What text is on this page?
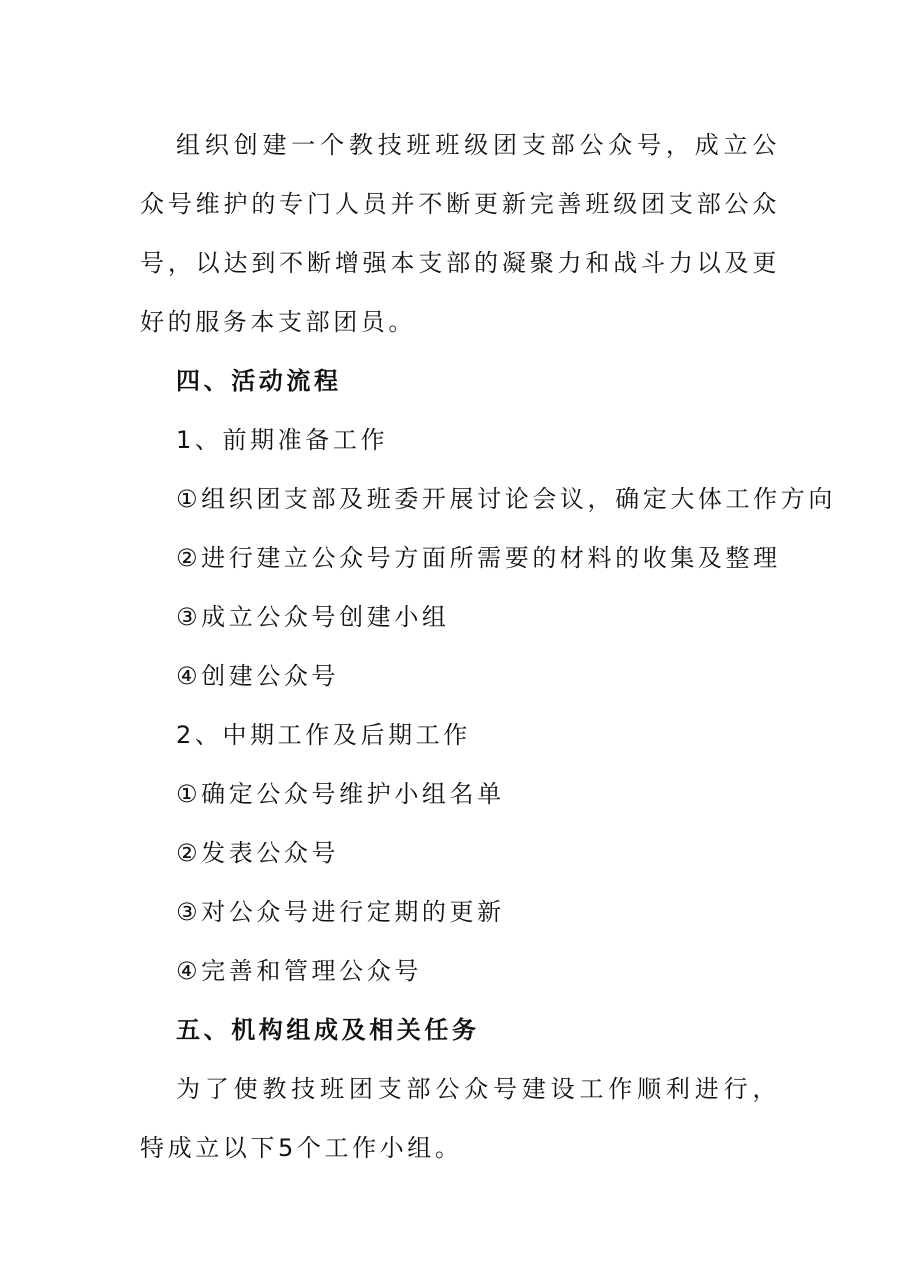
组织创建一个教技班班级团支部公众号，成立公众号维护的专门人员并不断更新完善班级团支部公众号，以达到不断增强本支部的凝聚力和战斗力以及更好的服务本支部团员。

四、活动流程
1、前期准备工作
①组织团支部及班委开展讨论会议，确定大体工作方向
②进行建立公众号方面所需要的材料的收集及整理
③成立公众号创建小组
④创建公众号
2、中期工作及后期工作
①确定公众号维护小组名单
②发表公众号
③对公众号进行定期的更新
④完善和管理公众号
五、机构组成及相关任务

为了使教技班团支部公众号建设工作顺利进行，特成立以下5个工作小组。
